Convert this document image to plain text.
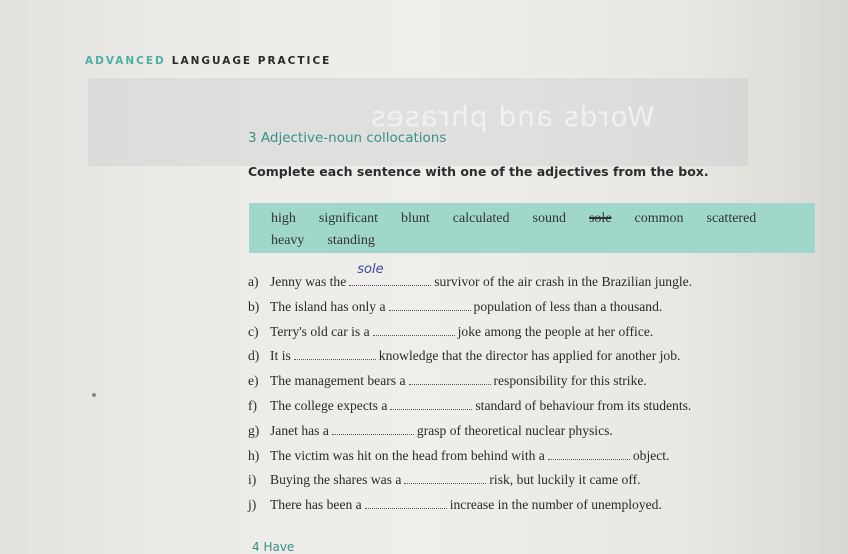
Words and phrases
ADVANCED LANGUAGE PRACTICE
3 Adjective-noun collocations
Complete each sentence with one of the adjectives from the box.
high significant blunt calculated sound sole common scatteredheavy standing
a) Jenny was the
sole
survivor of the air crash in the Brazilian jungle.
b) The island has only a	population of less than a thousand.
c) Terry's old car is a	joke among the people at her office.
d) It is	knowledge that the director has applied for another job.
e) The management bears a	responsibility for this strike.
f) The college expects a	standard of behaviour from its students.
g) Janet has a	grasp of theoretical nuclear physics.
h) The victim was hit on the head from behind with a	object.
i) Buying the shares was a	risk, but luckily it came off.
j) There has been a	increase in the number of unemployed.
4 Have
